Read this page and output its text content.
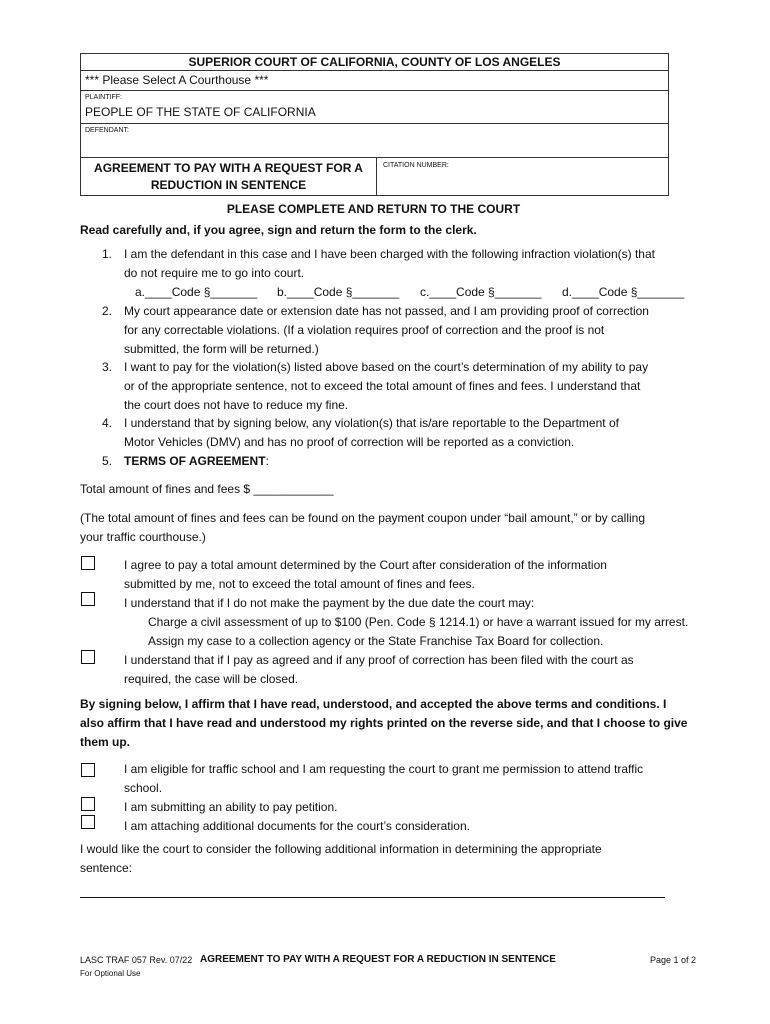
SUPERIOR COURT OF CALIFORNIA, COUNTY OF LOS ANGELES
*** Please Select A Courthouse ***
PLAINTIFF:
PEOPLE OF THE STATE OF CALIFORNIA
DEFENDANT:
AGREEMENT TO PAY WITH A REQUEST FOR A
REDUCTION IN SENTENCE
CITATION NUMBER:
PLEASE COMPLETE AND RETURN TO THE COURT
Read carefully and, if you agree, sign and return the form to the clerk.
1. I am the defendant in this case and I have been charged with the following infraction violation(s) that
do not require me to go into court.
a.____Code §_______ b.____Code §_______ c.____Code §_______ d.____Code §_______
2. My court appearance date or extension date has not passed, and I am providing proof of correction
for any correctable violations. (If a violation requires proof of correction and the proof is not
submitted, the form will be returned.)
3. I want to pay for the violation(s) listed above based on the court’s determination of my ability to pay
or of the appropriate sentence, not to exceed the total amount of fines and fees. I understand that
the court does not have to reduce my fine.
4. I understand that by signing below, any violation(s) that is/are reportable to the Department of
Motor Vehicles (DMV) and has no proof of correction will be reported as a conviction.
5. TERMS OF AGREEMENT:
Total amount of fines and fees $ ____________
(The total amount of fines and fees can be found on the payment coupon under “bail amount,” or by calling
your traffic courthouse.)
I agree to pay a total amount determined by the Court after consideration of the information
submitted by me, not to exceed the total amount of fines and fees.
I understand that if I do not make the payment by the due date the court may:
Charge a civil assessment of up to $100 (Pen. Code § 1214.1) or have a warrant issued for my arrest.
Assign my case to a collection agency or the State Franchise Tax Board for collection.
I understand that if I pay as agreed and if any proof of correction has been filed with the court as
required, the case will be closed.
By signing below, I affirm that I have read, understood, and accepted the above terms and conditions. I
also affirm that I have read and understood my rights printed on the reverse side, and that I choose to give
them up.
I am eligible for traffic school and I am requesting the court to grant me permission to attend traffic
school.
I am submitting an ability to pay petition.
I am attaching additional documents for the court’s consideration.
I would like the court to consider the following additional information in determining the appropriate
sentence:
LASC TRAF 057 Rev. 07/22
For Optional Use
AGREEMENT TO PAY WITH A REQUEST FOR A REDUCTION IN SENTENCE	Page 1 of 2
